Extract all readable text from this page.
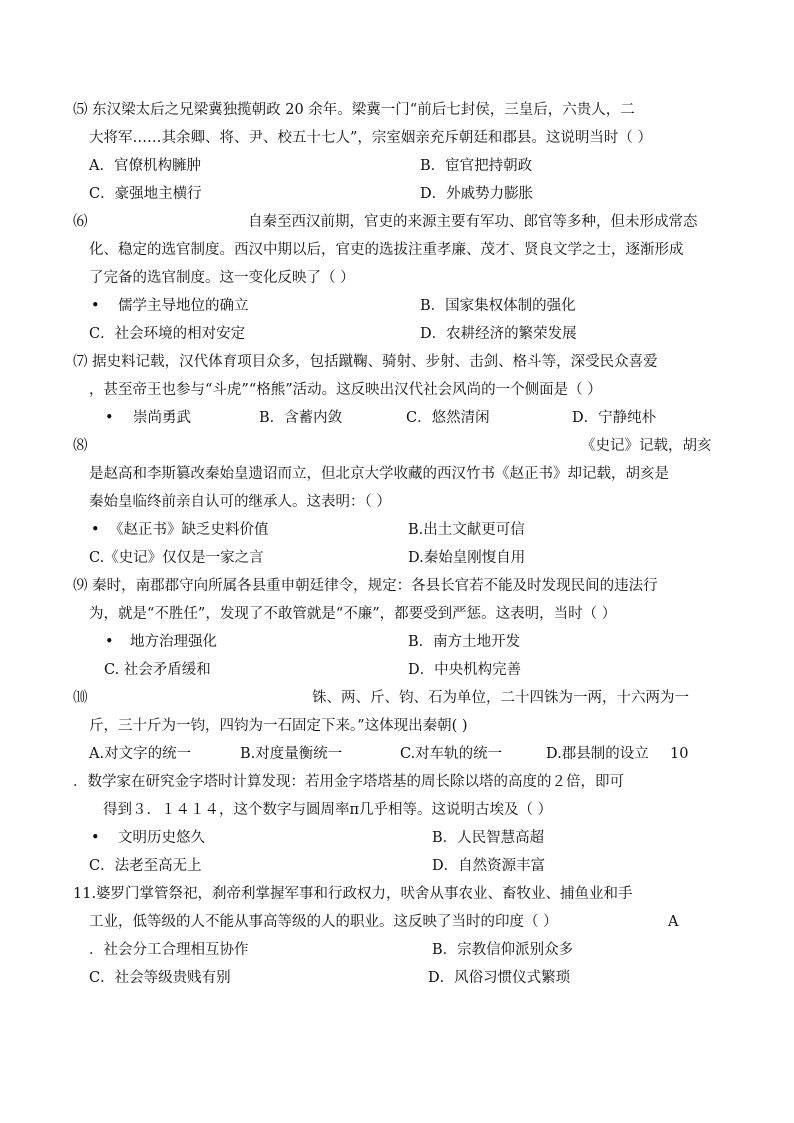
⑸ 东汉梁太后之兄梁冀独揽朝政 20 余年。梁冀一门“前后七封侯，三皇后，六贵人，二
大将军……其余卿、将、尹、校五十七人”，宗室姻亲充斥朝廷和郡县。这说明当时（ ）
A．官僚机构臃肿	B．宦官把持朝政
C．豪强地主横行	D．外戚势力膨胀
⑹	自秦至西汉前期，官吏的来源主要有军功、郎官等多种，但未形成常态
化、稳定的选官制度。西汉中期以后，官吏的选拔注重孝廉、茂才、贤良文学之士，逐渐形成
了完备的选官制度。这一变化反映了（ ）
• 儒学主导地位的确立	B．国家集权体制的强化
C．社会环境的相对安定	D．农耕经济的繁荣发展
⑺ 据史料记载，汉代体育项目众多，包括蹴鞠、骑射、步射、击剑、格斗等，深受民众喜爱
，甚至帝王也参与“斗虎”“格熊”活动。这反映出汉代社会风尚的一个侧面是（ ）
• 崇尚勇武	B．含蓄内敛	C．悠然清闲	D．宁静纯朴
⑻	《史记》记载，胡亥
是赵高和李斯篡改秦始皇遗诏而立，但北京大学收藏的西汉竹书《赵正书》却记载，胡亥是
秦始皇临终前亲自认可的继承人。这表明：（ ）
• 《赵正书》缺乏史料价值	B.出土文献更可信
C.《史记》仅仅是一家之言	D.秦始皇刚愎自用
⑼ 秦时，南郡郡守向所属各县重申朝廷律令，规定：各县长官若不能及时发现民间的违法行
为，就是“不胜任”，发现了不敢管就是“不廉”，都要受到严惩。这表明，当时（ ）
• 地方治理强化	B．南方土地开发
C. 社会矛盾缓和	D．中央机构完善
⑽	铢、两、斤、钧、石为单位，二十四铢为一两，十六两为一
斤，三十斤为一钧，四钧为一石固定下来。”这体现出秦朝( )
A.对文字的统一	B.对度量衡统一	C.对车轨的统一	D.郡县制的设立 10
．数学家在研究金字塔时计算发现：若用金字塔塔基的周长除以塔的高度的２倍，即可
得到３．１４１４，这个数字与圆周率π几乎相等。这说明古埃及（ ）
• 文明历史悠久	B．人民智慧高超
C．法老至高无上	D．自然资源丰富
11.婆罗门掌管祭祀，刹帝利掌握军事和行政权力，吠舍从事农业、畜牧业、捕鱼业和手
工业，低等级的人不能从事高等级的人的职业。这反映了当时的印度（ ）	A
．社会分工合理相互协作	B．宗教信仰派别众多
C．社会等级贵贱有别	D．风俗习惯仪式繁琐
